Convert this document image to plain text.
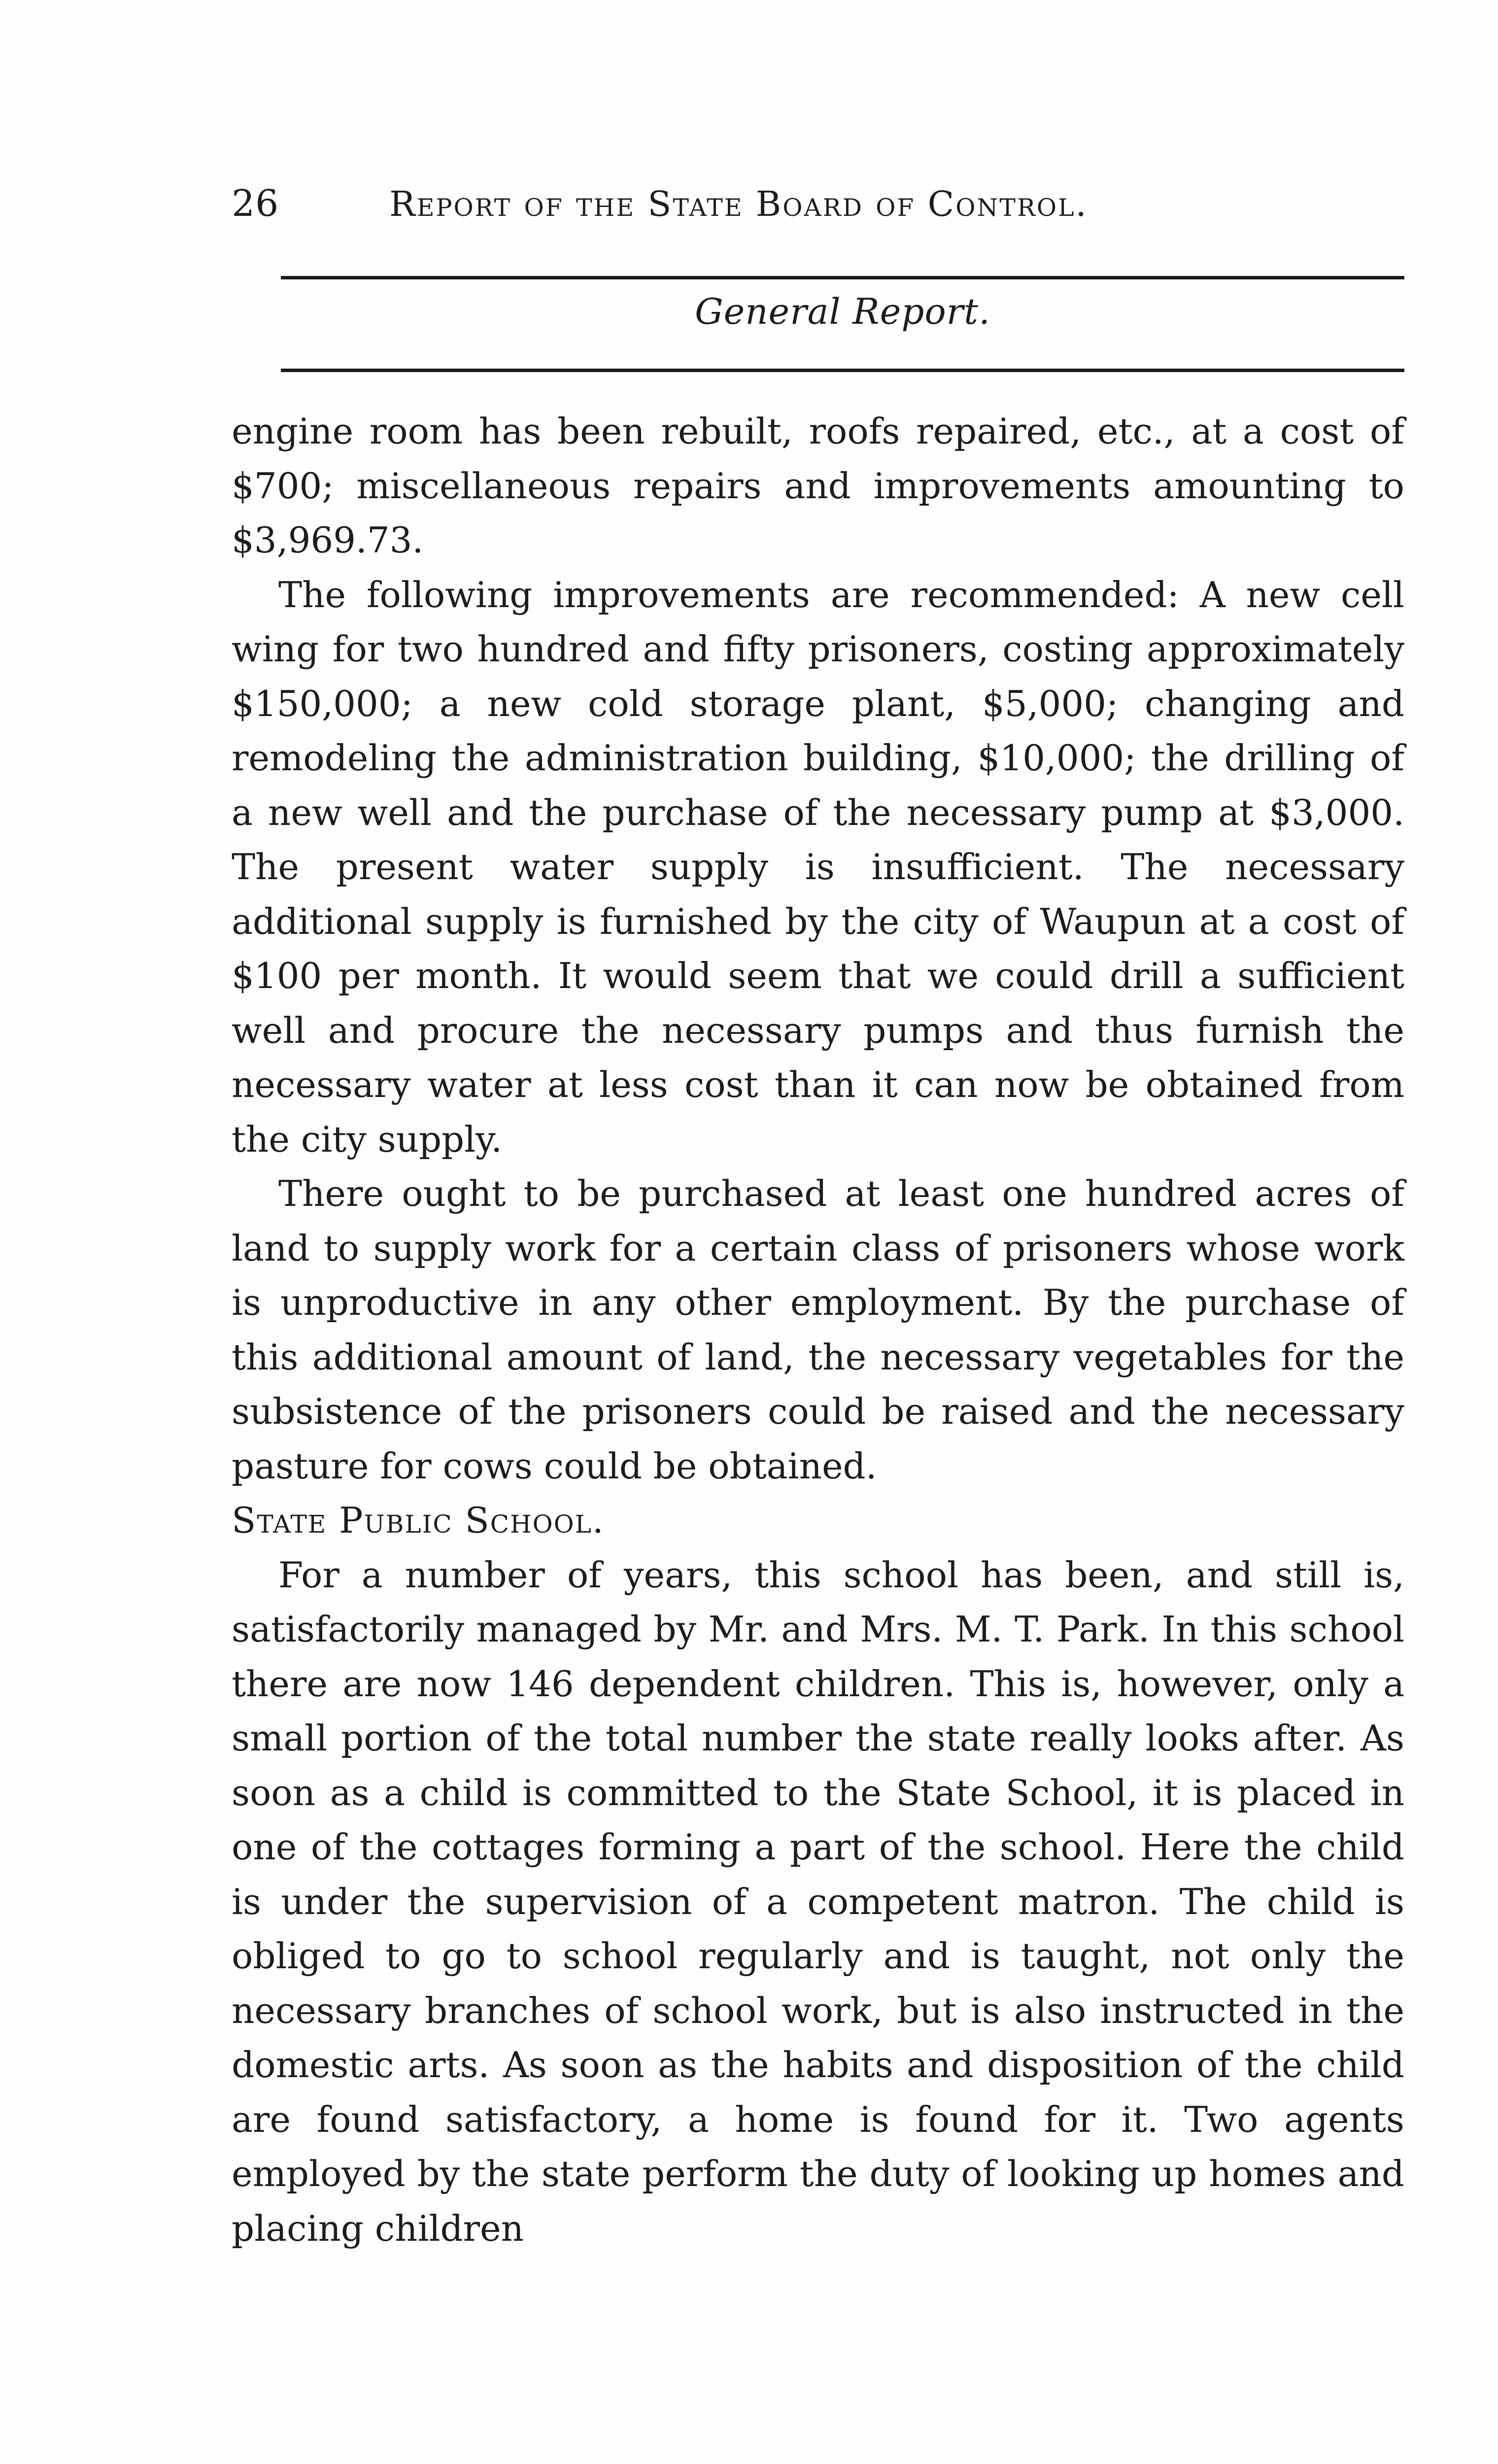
26	Report of the State Board of Control.
General Report.

engine room has been rebuilt, roofs repaired, etc., at a cost of $700; miscellaneous repairs and improvements amounting to $3,969.73.

The following improvements are recommended: A new cell wing for two hundred and fifty prisoners, costing approximately $150,000; a new cold storage plant, $5,000; changing and remodeling the administration building, $10,000; the drilling of a new well and the purchase of the necessary pump at $3,000. The present water supply is insufficient. The necessary additional supply is furnished by the city of Waupun at a cost of $100 per month. It would seem that we could drill a sufficient well and procure the necessary pumps and thus furnish the necessary water at less cost than it can now be obtained from the city supply.

There ought to be purchased at least one hundred acres of land to supply work for a certain class of prisoners whose work is unproductive in any other employment. By the purchase of this additional amount of land, the necessary vegetables for the subsistence of the prisoners could be raised and the necessary pasture for cows could be obtained.

State Public School.

For a number of years, this school has been, and still is, satisfactorily managed by Mr. and Mrs. M. T. Park. In this school there are now 146 dependent children. This is, however, only a small portion of the total number the state really looks after. As soon as a child is committed to the State School, it is placed in one of the cottages forming a part of the school. Here the child is under the supervision of a competent matron. The child is obliged to go to school regularly and is taught, not only the necessary branches of school work, but is also instructed in the domestic arts. As soon as the habits and disposition of the child are found satisfactory, a home is found for it. Two agents employed by the state perform the duty of looking up homes and placing children
